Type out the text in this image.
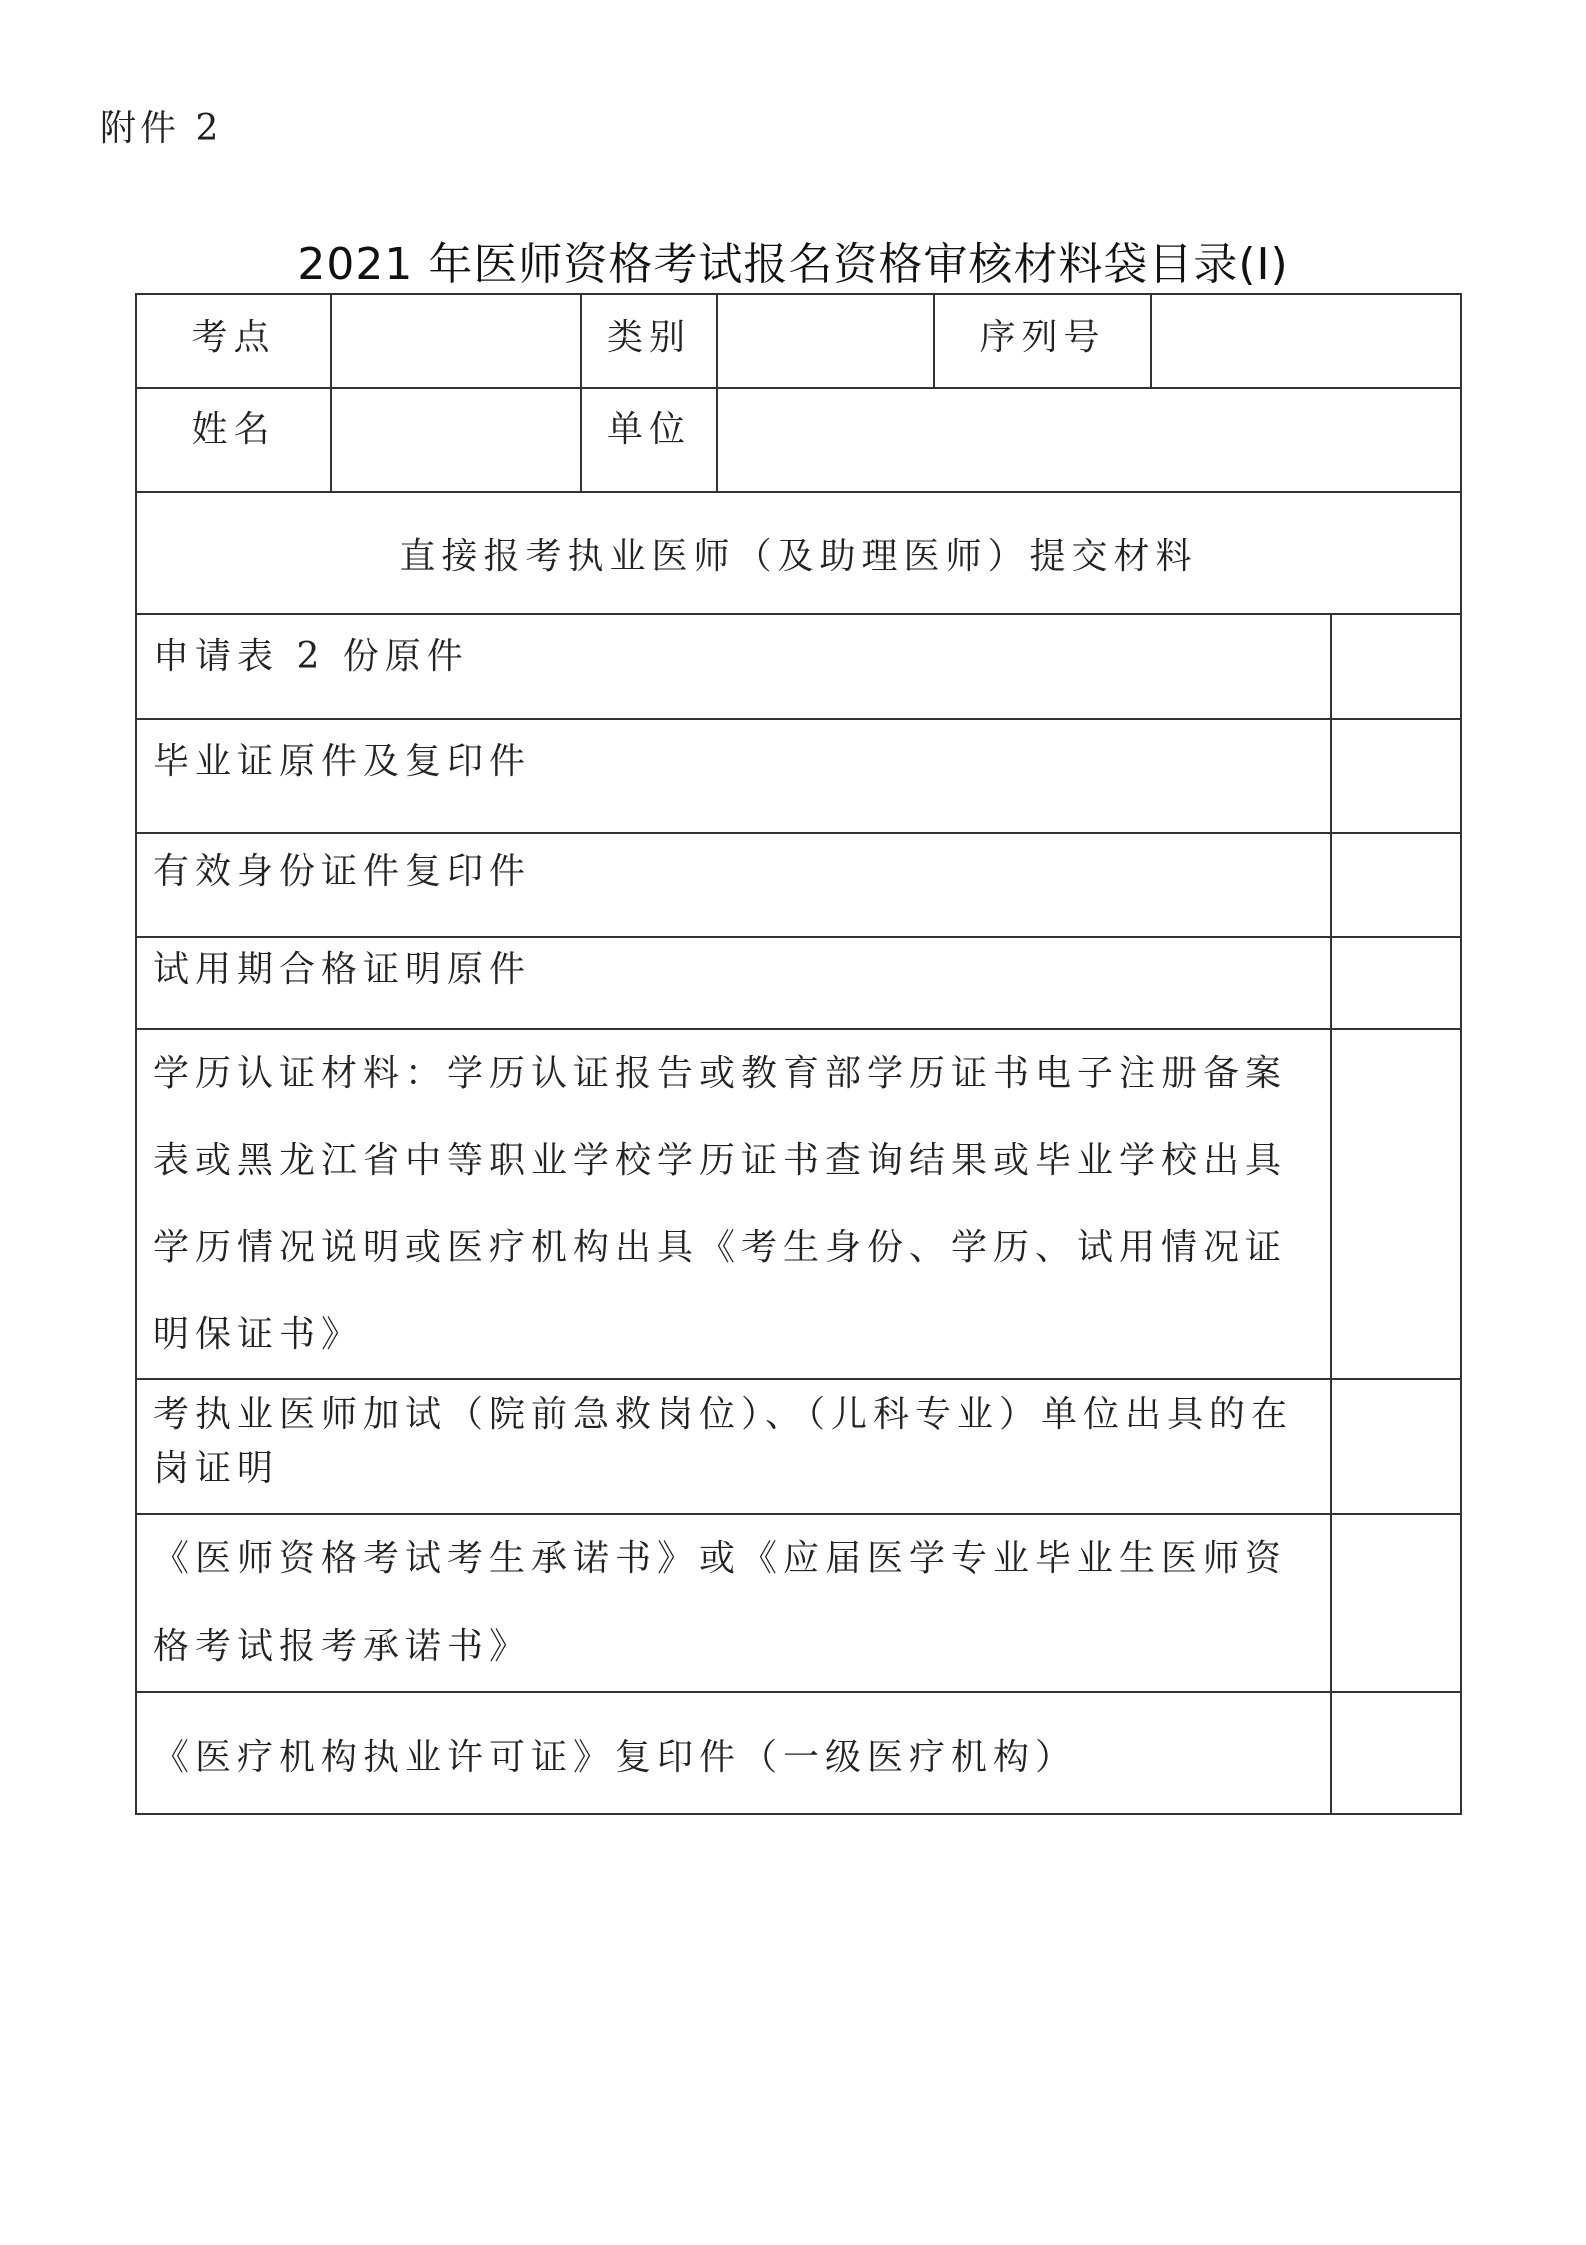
附件 2
2021 年医师资格考试报名资格审核材料袋目录(I)
考点		类别		序列号		
姓名		单位				
直接报考执业医师（及助理医师）提交材料						
申请表 2 份原件						
毕业证原件及复印件						
有效身份证件复印件						
试用期合格证明原件						
学历认证材料：学历认证报告或教育部学历证书电子注册备案表或黑龙江省中等职业学校学历证书查询结果或毕业学校出具学历情况说明或医疗机构出具《考生身份、学历、试用情况证明保证书》						
考执业医师加试（院前急救岗位）、（儿科专业）单位出具的在岗证明						
《医师资格考试考生承诺书》或《应届医学专业毕业生医师资格考试报考承诺书》						
《医疗机构执业许可证》复印件（一级医疗机构）						
